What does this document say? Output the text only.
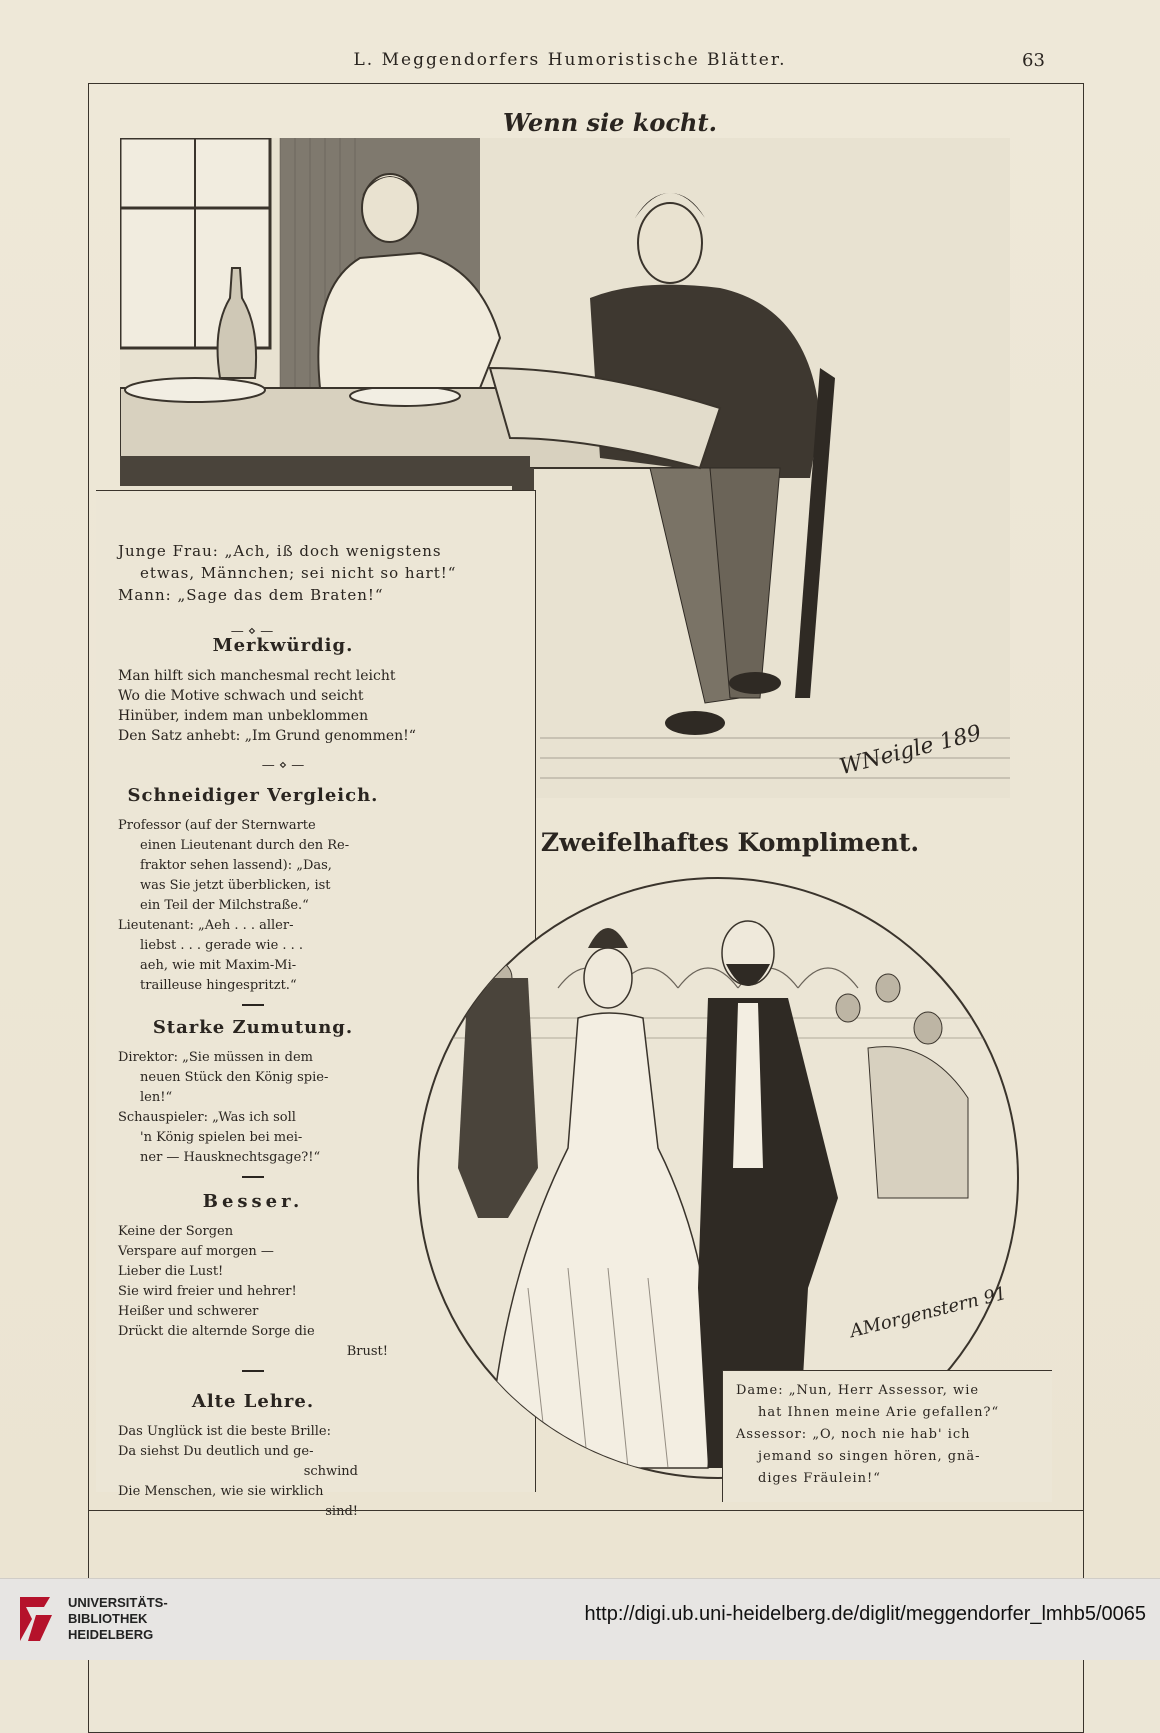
L. Meggendorfers Humoristische Blätter.	63
Wenn sie kocht.
WNeigle 189
Junge Frau: „Ach, iß doch wenigstens
etwas, Männchen; sei nicht so hart!“
Mann: „Sage das dem Braten!“
— ⋄ —
Merkwürdig.
Man hilft sich manchesmal recht leicht
Wo die Motive schwach und seicht
Hinüber, indem man unbeklommen
Den Satz anhebt: „Im Grund genommen!“
— ⋄ —
Schneidiger Vergleich.
Professor (auf der Sternwarte
einen Lieutenant durch den Re-
fraktor sehen lassend): „Das,
was Sie jetzt überblicken, ist
ein Teil der Milchstraße.“
Lieutenant: „Aeh . . . aller-
liebst . . . gerade wie . . .
aeh, wie mit Maxim-Mi-
trailleuse hingespritzt.“
Starke Zumutung.
Direktor: „Sie müssen in dem
neuen Stück den König spie-
len!“
Schauspieler: „Was ich soll
'n König spielen bei mei-
ner — Hausknechtsgage?!“
Besser.
Keine der Sorgen
Verspare auf morgen —
Lieber die Lust!
Sie wird freier und hehrer!
Heißer und schwerer
Drückt die alternde Sorge die
Brust!
Alte Lehre.
Das Unglück ist die beste Brille:
Da siehst Du deutlich und ge-
schwind
Die Menschen, wie sie wirklich
sind!
Zweifelhaftes Kompliment.
AMorgenstern 91
Dame: „Nun, Herr Assessor, wie
hat Ihnen meine Arie gefallen?“
Assessor: „O, noch nie hab' ich
jemand so singen hören, gnä-
diges Fräulein!“
UNIVERSITÄTS-
BIBLIOTHEK
HEIDELBERG
http://digi.ub.uni-heidelberg.de/diglit/meggendorfer_lmhb5/0065
